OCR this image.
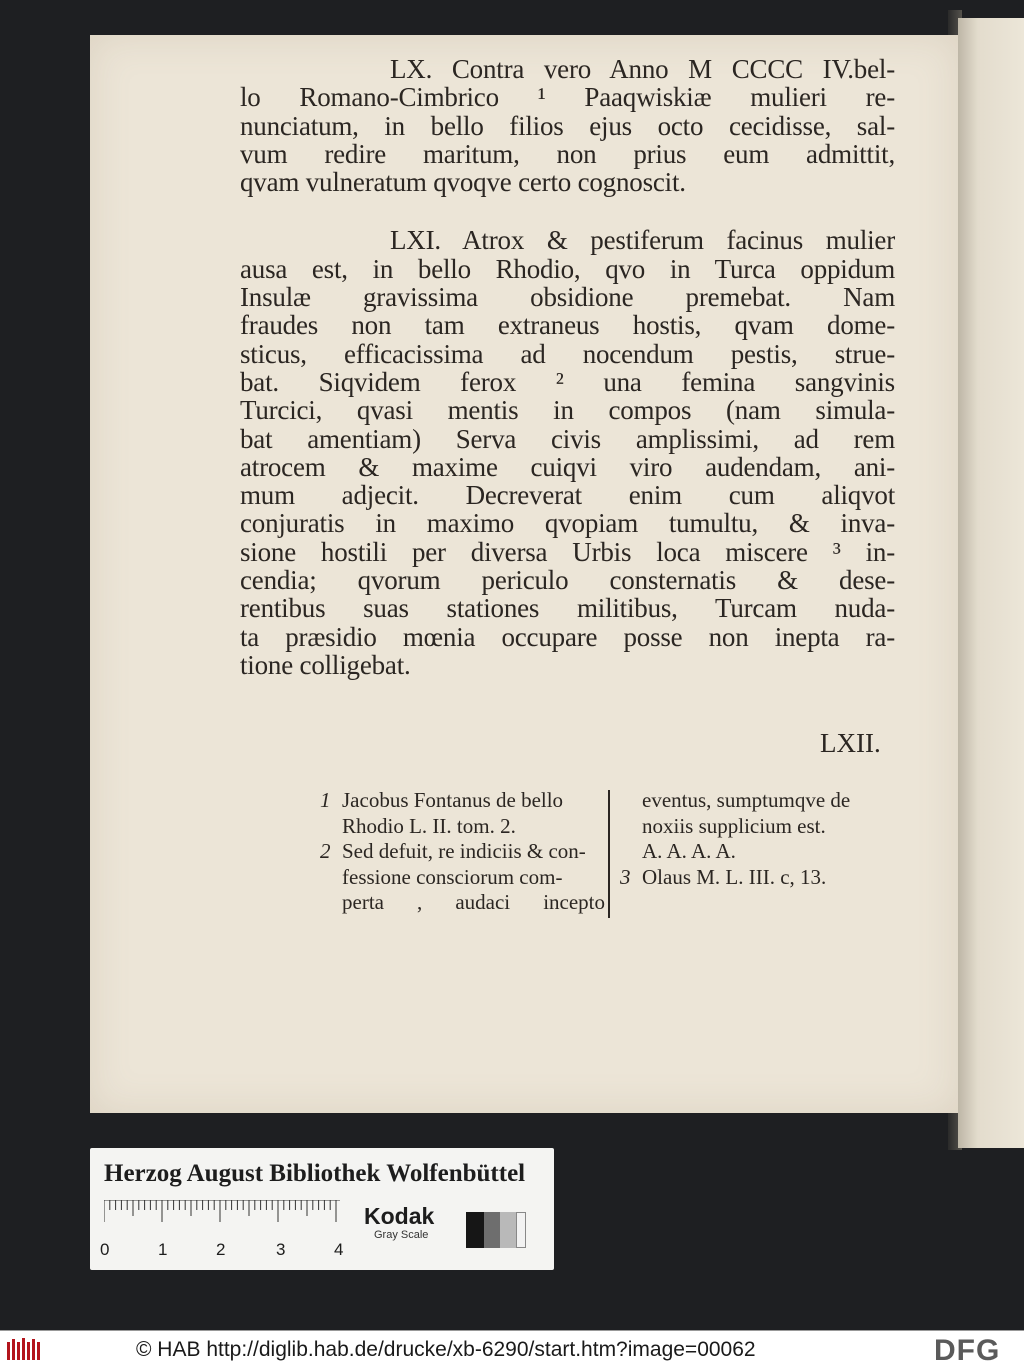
LX. Contra vero Anno M CCCC IV.bel-
lo Romano-Cimbrico ¹ Paaqwiskiæ mulieri re-
nunciatum, in bello filios ejus octo cecidisse, sal-
vum redire maritum, non prius eum admittit,
qvam vulneratum qvoqve certo cognoscit.
LXI. Atrox & pestiferum facinus mulier
ausa est, in bello Rhodio, qvo in Turca oppidum
Insulæ gravissima obsidione premebat. Nam
fraudes non tam extraneus hostis, qvam dome-
sticus, efficacissima ad nocendum pestis, strue-
bat. Siqvidem ferox ² una femina sangvinis
Turcici, qvasi mentis in compos (nam simula-
bat amentiam) Serva civis amplissimi, ad rem
atrocem & maxime cuiqvi viro audendam, ani-
mum adjecit. Decreverat enim cum aliqvot
conjuratis in maximo qvopiam tumultu, & inva-
sione hostili per diversa Urbis loca miscere ³ in-
cendia; qvorum periculo consternatis & dese-
rentibus suas stationes militibus, Turcam nuda-
ta præsidio mœnia occupare posse non inepta ra-
tione colligebat.
LXII.
1 Jacobus Fontanus de bello
Rhodio L. II. tom. 2.
2 Sed defuit, re indiciis & con-
fessione consciorum com-
perta , audaci incepto
eventus, sumptumqve de
noxiis supplicium est.
A. A. A. A.
3 Olaus M. L. III. c, 13.
Herzog August Bibliothek Wolfenbüttel
0	1	2	3	4
Kodak
Gray Scale
© HAB http://diglib.hab.de/drucke/xb-6290/start.htm?image=00062	DFG
